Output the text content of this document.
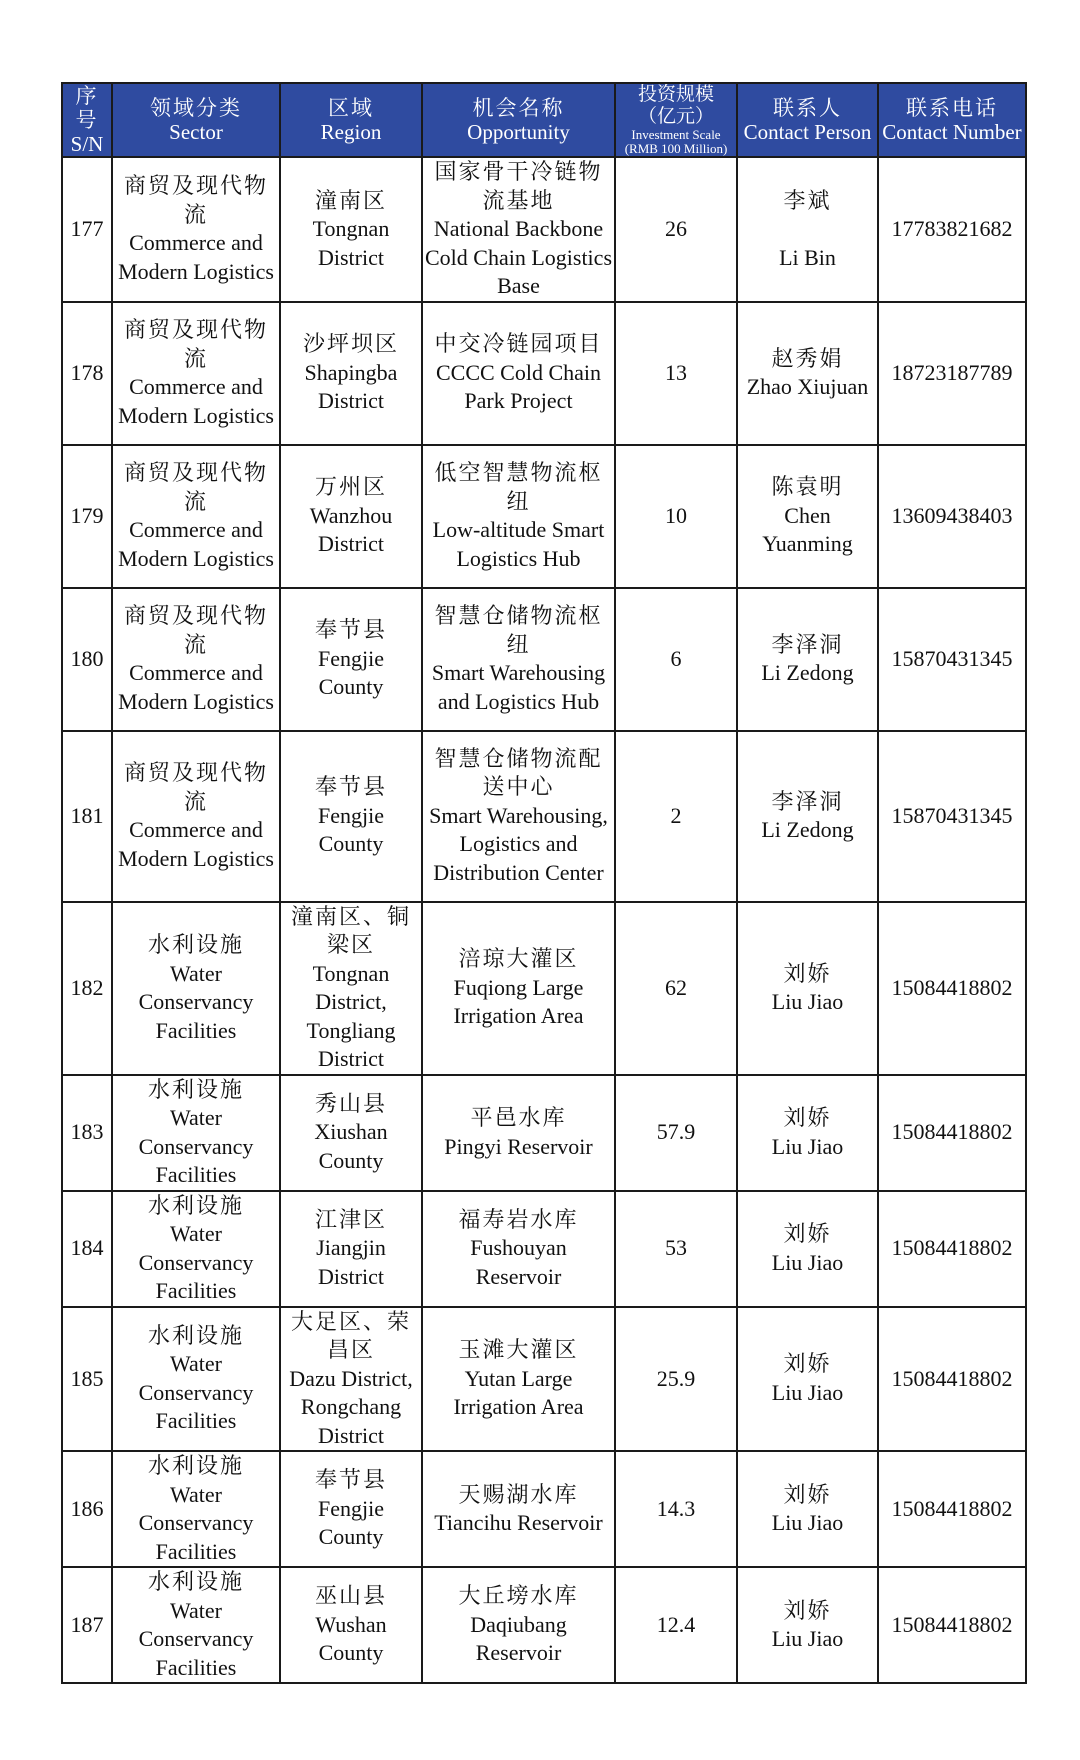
序号
S/N	领域分类
Sector	区域
Region	机会名称
Opportunity	投资规模
（亿元）
Investment Scale
(RMB 100 Million)	联系人
Contact Person	联系电话
Contact Number

177	商贸及现代物流
Commerce and Modern Logistics	潼南区
Tongnan District	国家骨干冷链物流基地
National Backbone Cold Chain Logistics Base	26	李斌
Li Bin	17783821682

178	商贸及现代物流
Commerce and Modern Logistics	沙坪坝区
Shapingba District	中交冷链园项目
CCCC Cold Chain Park Project	13	赵秀娟
Zhao Xiujuan	18723187789

179	商贸及现代物流
Commerce and Modern Logistics	万州区
Wanzhou District	低空智慧物流枢纽
Low-altitude Smart Logistics Hub	10	陈袁明
Chen Yuanming	13609438403

180	商贸及现代物流
Commerce and Modern Logistics	奉节县
Fengjie County	智慧仓储物流枢纽
Smart Warehousing and Logistics Hub	6	李泽洞
Li Zedong	15870431345

181	商贸及现代物流
Commerce and Modern Logistics	奉节县
Fengjie County	智慧仓储物流配送中心
Smart Warehousing, Logistics and Distribution Center	2	李泽洞
Li Zedong	15870431345

182	水利设施
Water Conservancy Facilities	潼南区、铜梁区
Tongnan District, Tongliang District	涪琼大灌区
Fuqiong Large Irrigation Area	62	刘娇
Liu Jiao	15084418802

183	水利设施
Water Conservancy Facilities	秀山县
Xiushan County	平邑水库
Pingyi Reservoir	57.9	刘娇
Liu Jiao	15084418802

184	水利设施
Water Conservancy Facilities	江津区
Jiangjin District	福寿岩水库
Fushouyan Reservoir	53	刘娇
Liu Jiao	15084418802

185	水利设施
Water Conservancy Facilities	大足区、荣昌区
Dazu District, Rongchang District	玉滩大灌区
Yutan Large Irrigation Area	25.9	刘娇
Liu Jiao	15084418802

186	水利设施
Water Conservancy Facilities	奉节县
Fengjie County	天赐湖水库
Tiancihu Reservoir	14.3	刘娇
Liu Jiao	15084418802

187	水利设施
Water Conservancy Facilities	巫山县
Wushan County	大丘塝水库
Daqiubang Reservoir	12.4	刘娇
Liu Jiao	15084418802
